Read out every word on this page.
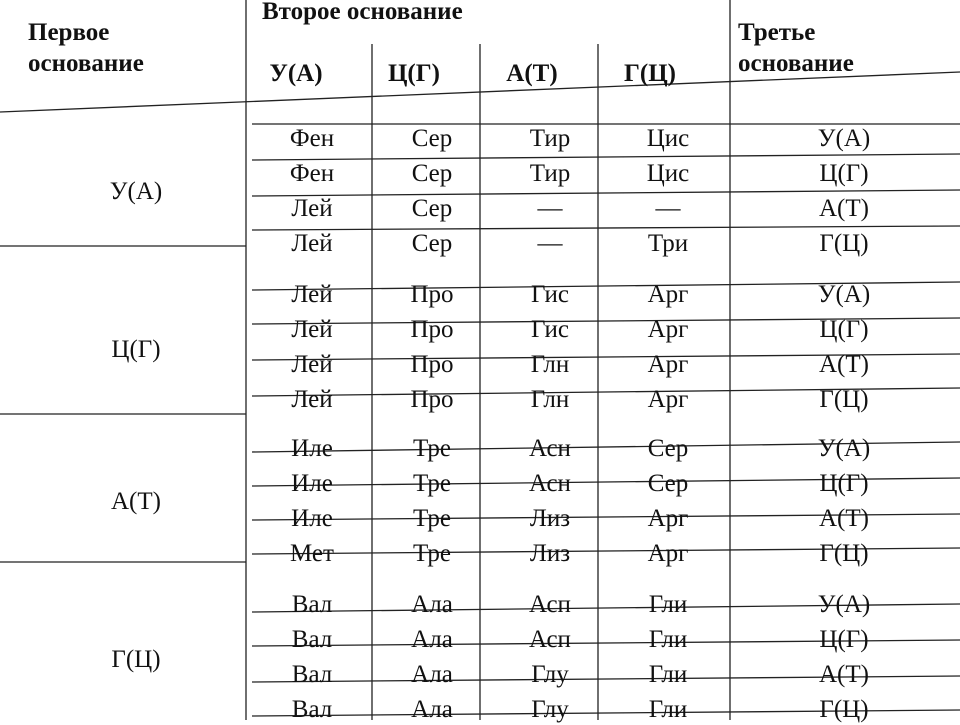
Первое
основание
Второе основание
Третье
основание
У(А)	Ц(Г)	А(Т)	Г(Ц)
У(А)
Фен	Сер	Тир	Цис	У(А)
Фен	Сер	Тир	Цис	Ц(Г)
Лей	Сер	—	—	А(Т)
Лей	Сер	—	Три	Г(Ц)
Ц(Г)
Лей	Про	Гис	Арг	У(А)
Лей	Про	Гис	Арг	Ц(Г)
Лей	Про	Глн	Арг	А(Т)
Лей	Про	Глн	Арг	Г(Ц)
А(Т)
Иле	Тре	Асн	Сер	У(А)
Иле	Тре	Асн	Сер	Ц(Г)
Иле	Тре	Лиз	Арг	А(Т)
Мет	Тре	Лиз	Арг	Г(Ц)
Г(Ц)
Вал	Ала	Асп	Гли	У(А)
Вал	Ала	Асп	Гли	Ц(Г)
Вал	Ала	Глу	Гли	А(Т)
Вал	Ала	Глу	Гли	Г(Ц)
